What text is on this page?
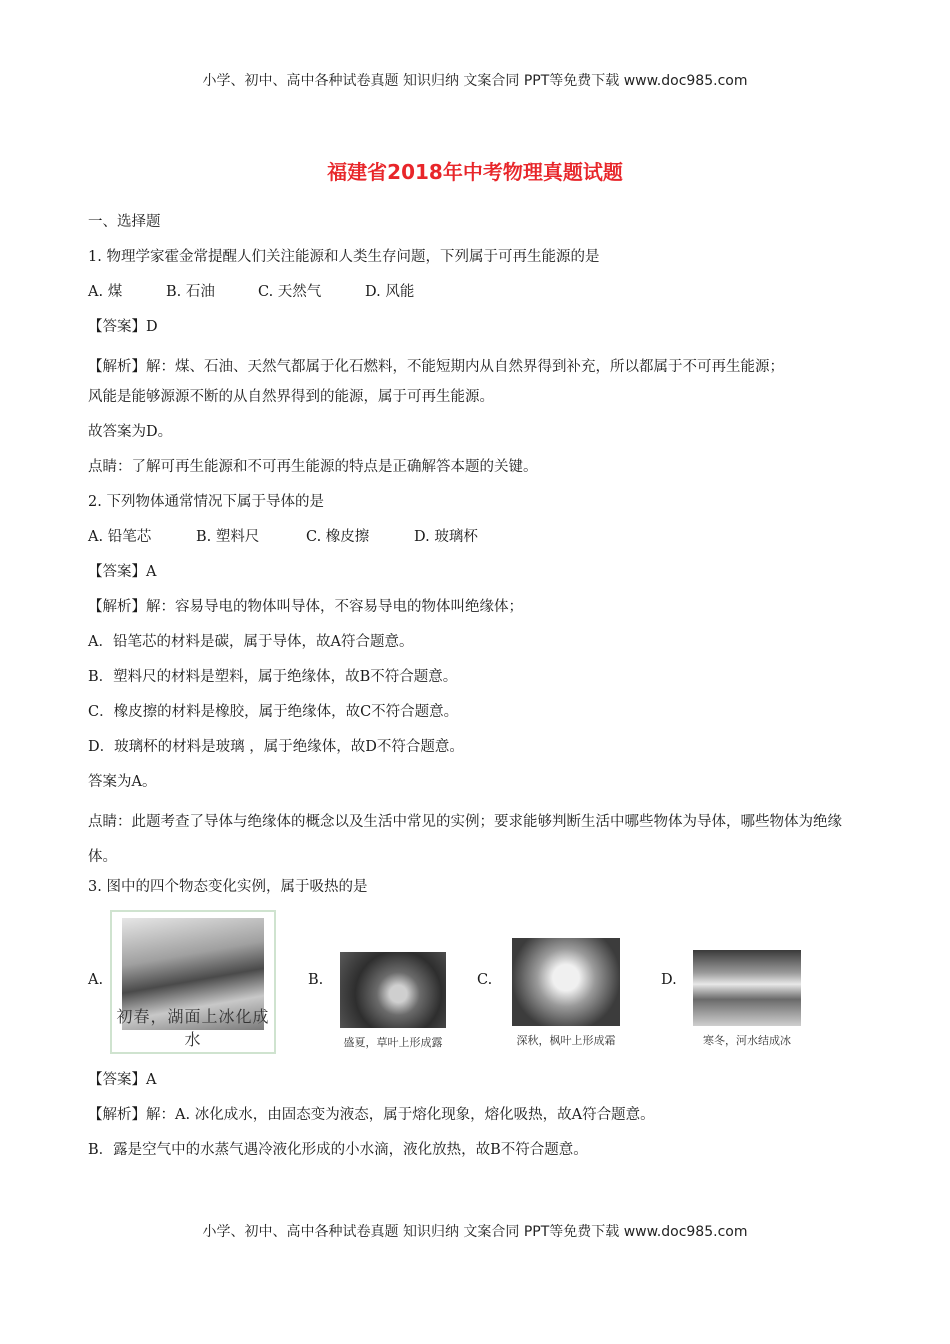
小学、初中、高中各种试卷真题 知识归纳 文案合同 PPT等免费下载 www.doc985.com
福建省2018年中考物理真题试题
一、选择题
1. 物理学家霍金常提醒人们关注能源和人类生存问题，下列属于可再生能源的是
A. 煤	B. 石油	C. 天然气	D. 风能
【答案】D
【解析】解：煤、石油、天然气都属于化石燃料，不能短期内从自然界得到补充，所以都属于不可再生能源；
风能是能够源源不断的从自然界得到的能源，属于可再生能源。
故答案为D。
点睛：了解可再生能源和不可再生能源的特点是正确解答本题的关键。
2. 下列物体通常情况下属于导体的是
A. 铅笔芯	B. 塑料尺	C. 橡皮擦	D. 玻璃杯
【答案】A
【解析】解：容易导电的物体叫导体，不容易导电的物体叫绝缘体；
A．铅笔芯的材料是碳，属于导体，故A符合题意。
B．塑料尺的材料是塑料，属于绝缘体，故B不符合题意。
C．橡皮擦的材料是橡胶，属于绝缘体，故C不符合题意。
D．玻璃杯的材料是玻璃 ，属于绝缘体，故D不符合题意。
答案为A。
点睛：此题考查了导体与绝缘体的概念以及生活中常见的实例；要求能够判断生活中哪些物体为导体，哪些物体为绝缘体。
3. 图中的四个物态变化实例，属于吸热的是
A.
初春，湖面上冰化成水
B.
盛夏，草叶上形成露
C.
深秋，枫叶上形成霜
D.
寒冬，河水结成冰
【答案】A
【解析】解：A. 冰化成水，由固态变为液态，属于熔化现象，熔化吸热，故A符合题意。
B．露是空气中的水蒸气遇冷液化形成的小水滴，液化放热，故B不符合题意。
小学、初中、高中各种试卷真题 知识归纳 文案合同 PPT等免费下载 www.doc985.com
